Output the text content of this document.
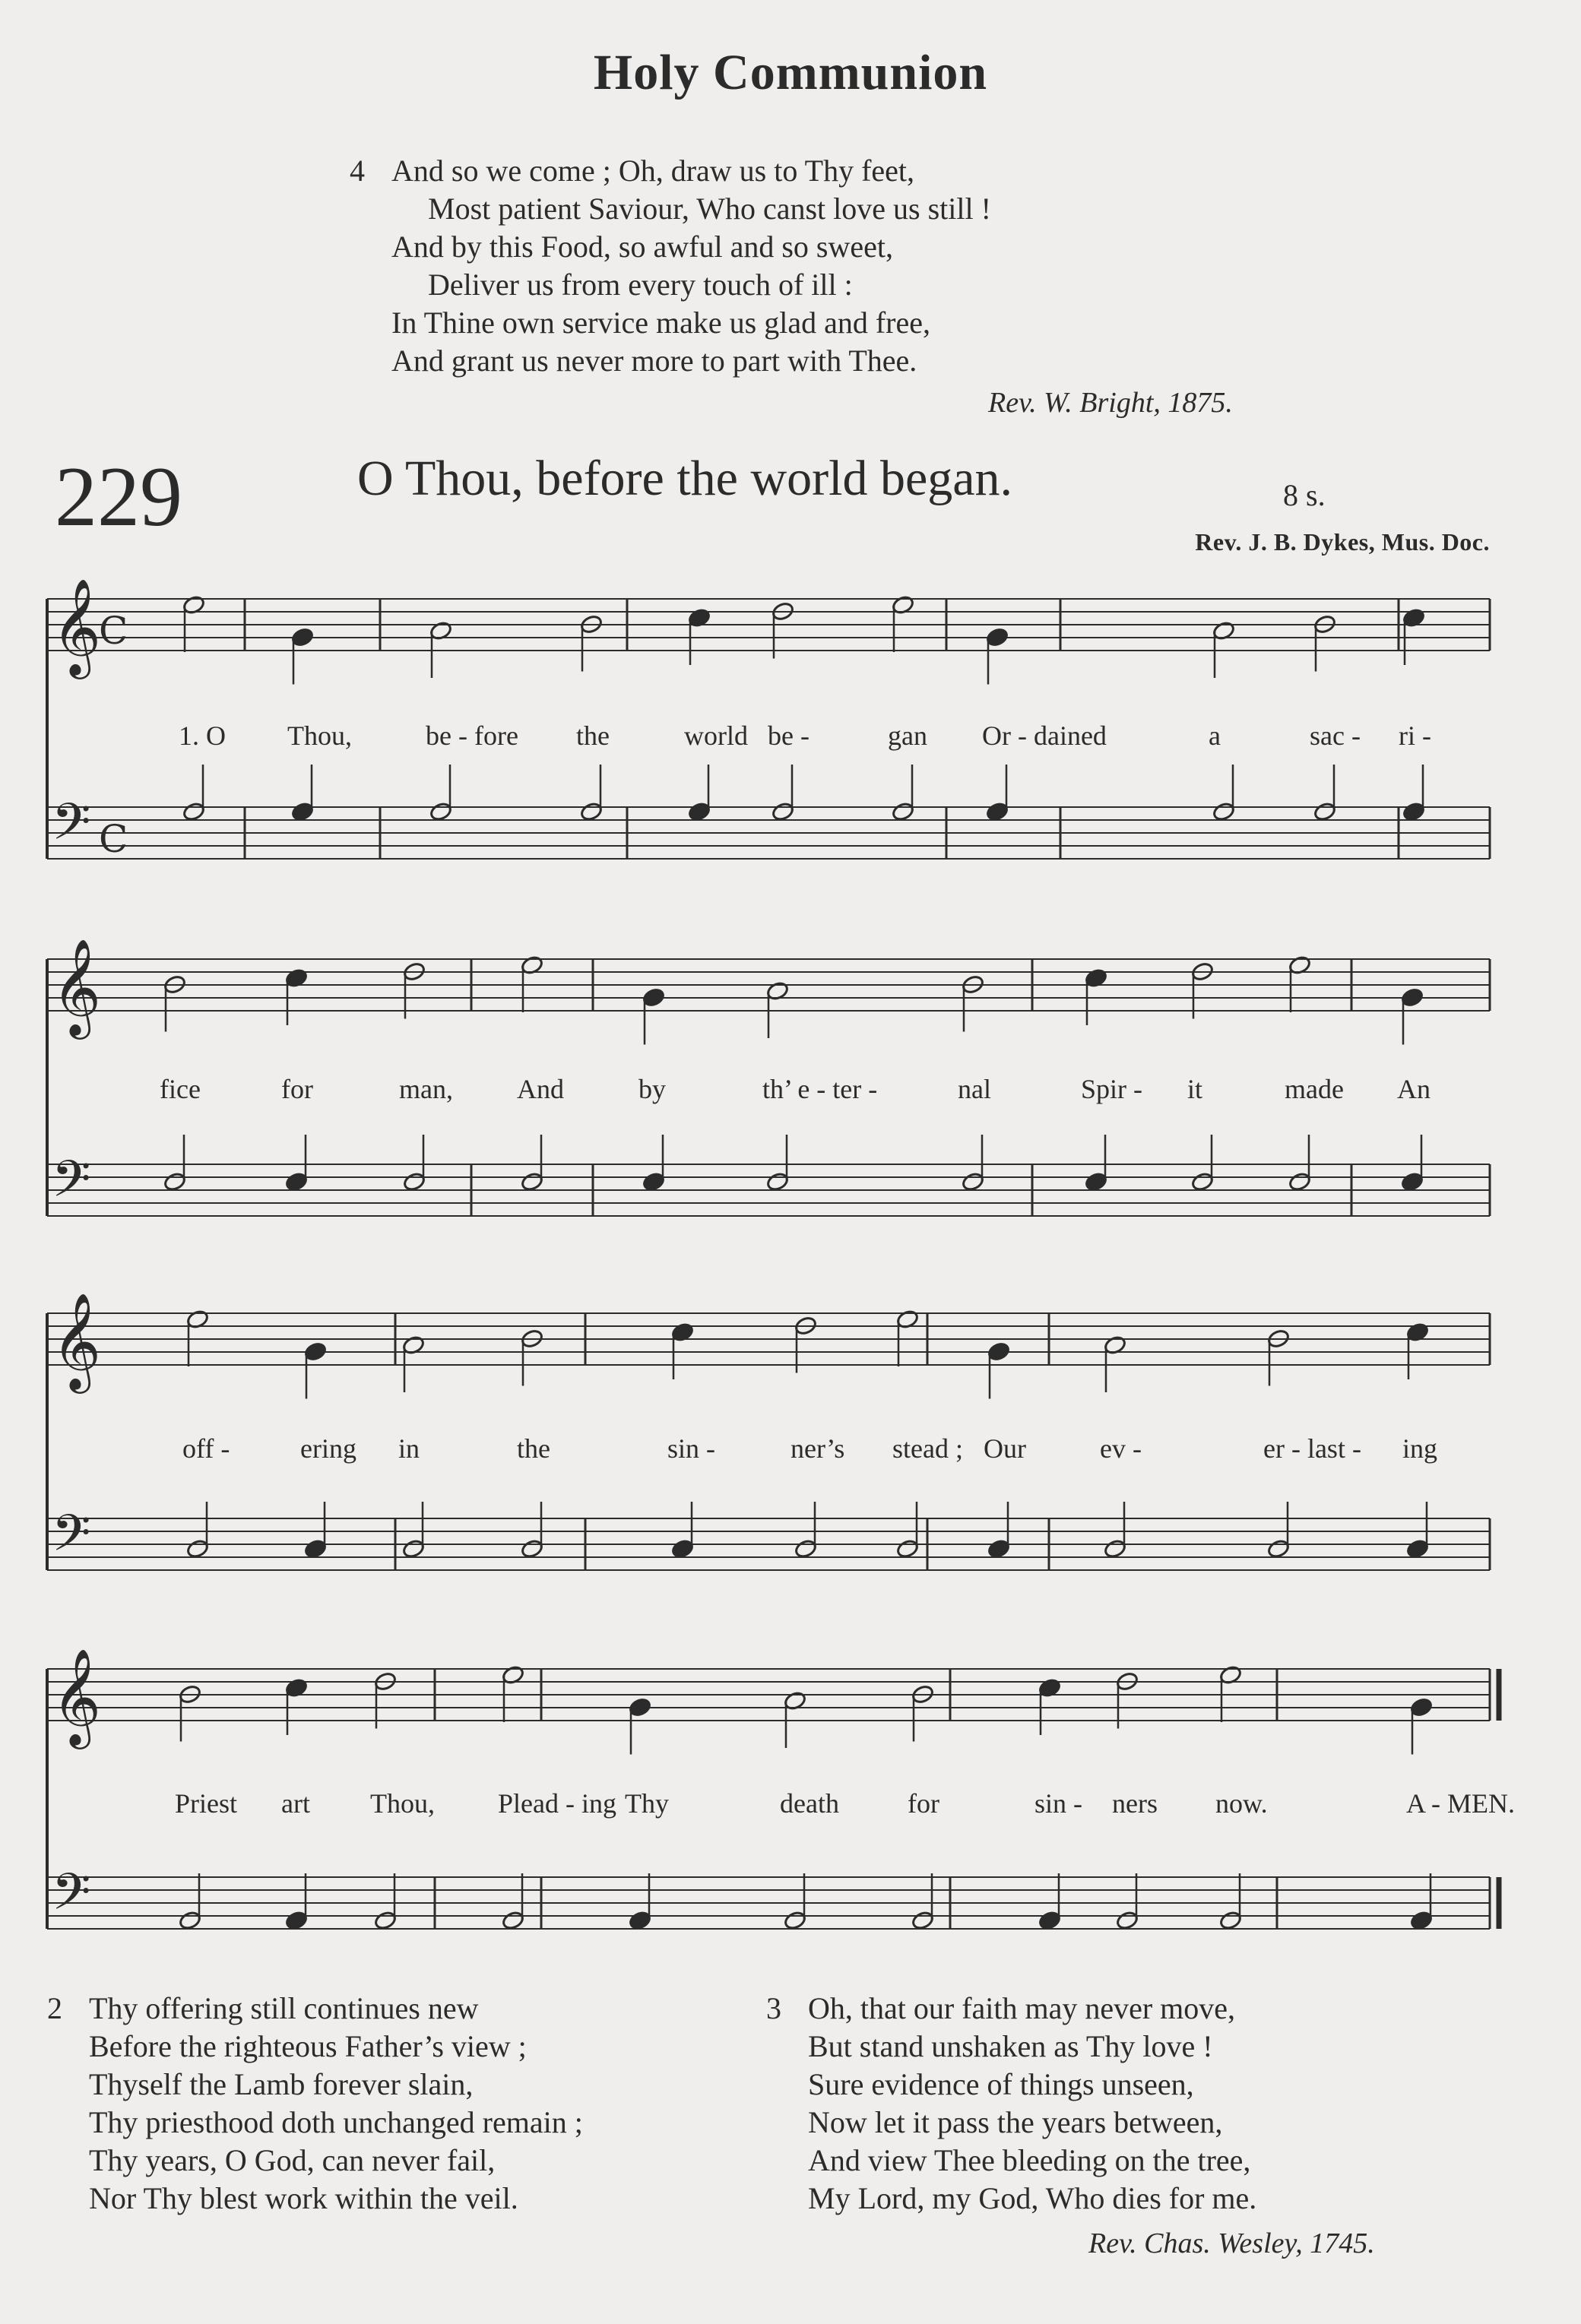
Holy Communion
4 And so we come ; Oh, draw us to Thy feet,
Most patient Saviour, Who canst love us still !
And by this Food, so awful and so sweet,
Deliver us from every touch of ill :
In Thine own service make us glad and free,
And grant us never more to part with Thee.
Rev. W. Bright, 1875.
229	O Thou, before the world began.	8 s.
Rev. J. B. Dykes, Mus. Doc.
𝄞
𝄢
C
C
1. O Thou,	be - fore the	world be -	gan Or - dained	a	sac - ri -
𝄞
𝄢
fice	for	man, And	by	th’ e - ter -	nal	Spir - it	made An
𝄞
𝄢
off -	ering in	the	sin -	ner’s stead ; Our	ev -	er - last - ing
𝄞
𝄢
Priest art Thou, Plead - ing Thy	death	for	sin - ners now.	A - MEN.
2 Thy offering still continues new
Before the righteous Father’s view ;
Thyself the Lamb forever slain,
Thy priesthood doth unchanged remain ;
Thy years, O God, can never fail,
Nor Thy blest work within the veil.
3 Oh, that our faith may never move,
But stand unshaken as Thy love !
Sure evidence of things unseen,
Now let it pass the years between,
And view Thee bleeding on the tree,
My Lord, my God, Who dies for me.
Rev. Chas. Wesley, 1745.
